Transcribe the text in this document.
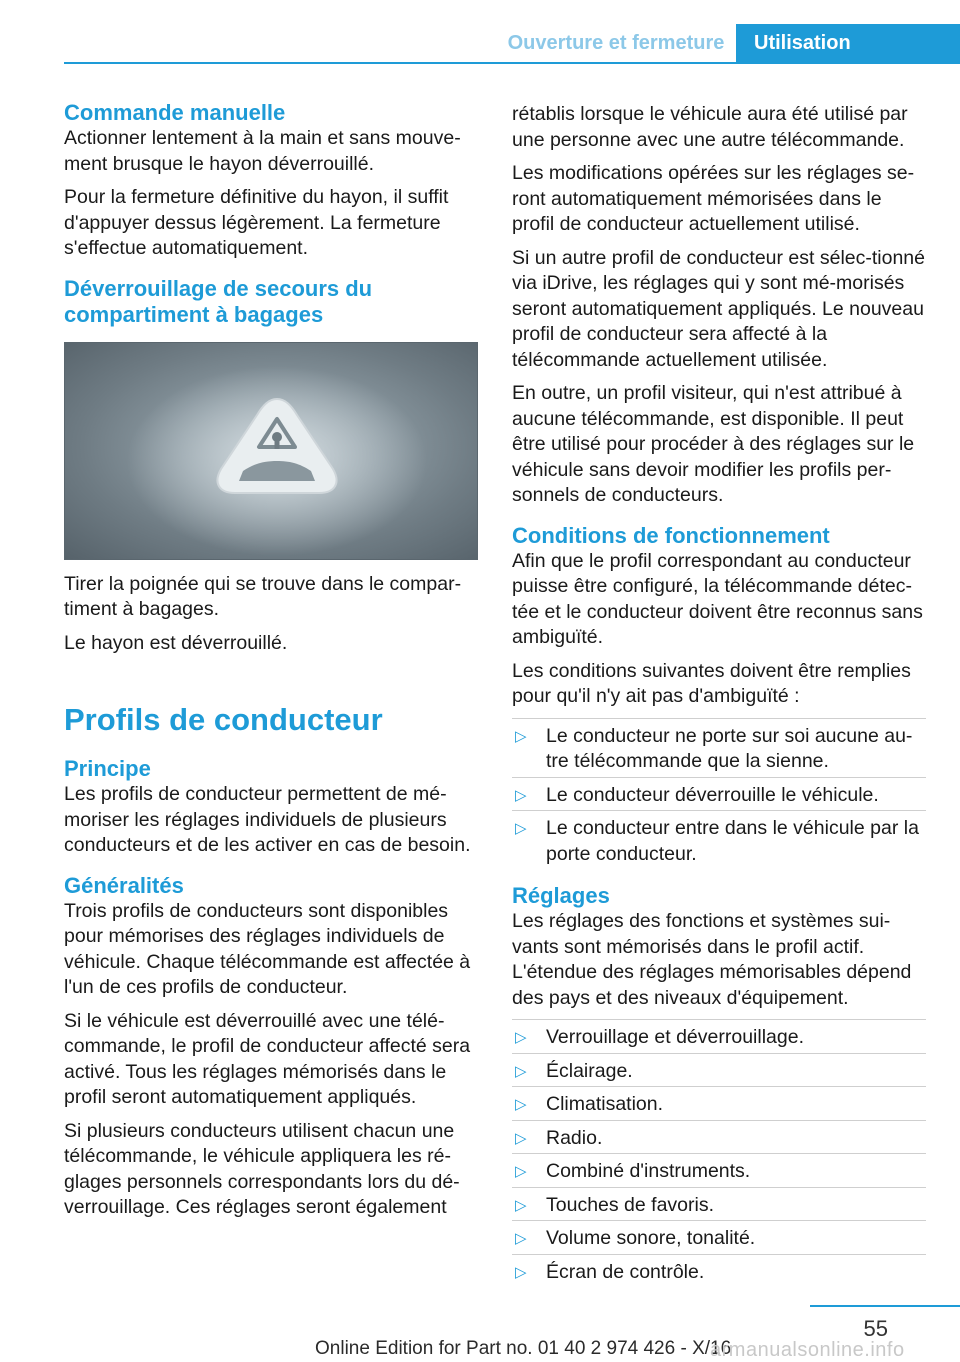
Ouverture et fermeture	Utilisation
Commande manuelle

Actionner lentement à la main et sans mouve-ment brusque le hayon déverrouillé.

Pour la fermeture définitive du hayon, il suffit d'appuyer dessus légèrement. La fermeture s'effectue automatiquement.

Déverrouillage de secours du compartiment à bagages

Tirer la poignée qui se trouve dans le compar-timent à bagages.

Le hayon est déverrouillé.

Profils de conducteur
Principe

Les profils de conducteur permettent de mé-moriser les réglages individuels de plusieurs conducteurs et de les activer en cas de besoin.

Généralités

Trois profils de conducteurs sont disponibles pour mémorises des réglages individuels de véhicule. Chaque télécommande est affectée à l'un de ces profils de conducteur.

Si le véhicule est déverrouillé avec une télé-commande, le profil de conducteur affecté sera activé. Tous les réglages mémorisés dans le profil seront automatiquement appliqués.

Si plusieurs conducteurs utilisent chacun une télécommande, le véhicule appliquera les ré-glages personnels correspondants lors du dé-verrouillage. Ces réglages seront également

rétablis lorsque le véhicule aura été utilisé par une personne avec une autre télécommande.

Les modifications opérées sur les réglages se-ront automatiquement mémorisées dans le profil de conducteur actuellement utilisé.

Si un autre profil de conducteur est sélec-tionné via iDrive, les réglages qui y sont mé-morisés seront automatiquement appliqués. Le nouveau profil de conducteur sera affecté à la télécommande actuellement utilisée.

En outre, un profil visiteur, qui n'est attribué à aucune télécommande, est disponible. Il peut être utilisé pour procéder à des réglages sur le véhicule sans devoir modifier les profils per-sonnels de conducteurs.

Conditions de fonctionnement

Afin que le profil correspondant au conducteur puisse être configuré, la télécommande détec-tée et le conducteur doivent être reconnus sans ambiguïté.

Les conditions suivantes doivent être remplies pour qu'il n'y ait pas d'ambiguïté :

▷ Le conducteur ne porte sur soi aucune au-tre télécommande que la sienne.
▷ Le conducteur déverrouille le véhicule.
▷ Le conducteur entre dans le véhicule par la porte conducteur.
Réglages

Les réglages des fonctions et systèmes sui-vants sont mémorisés dans le profil actif. L'étendue des réglages mémorisables dépend des pays et des niveaux d'équipement.

▷ Verrouillage et déverrouillage.
▷ Éclairage.
▷ Climatisation.
▷ Radio.
▷ Combiné d'instruments.
▷ Touches de favoris.
▷ Volume sonore, tonalité.
▷ Écran de contrôle.
55
Online Edition for Part no. 01 40 2 974 426 - X/16
armanualsonline.info
